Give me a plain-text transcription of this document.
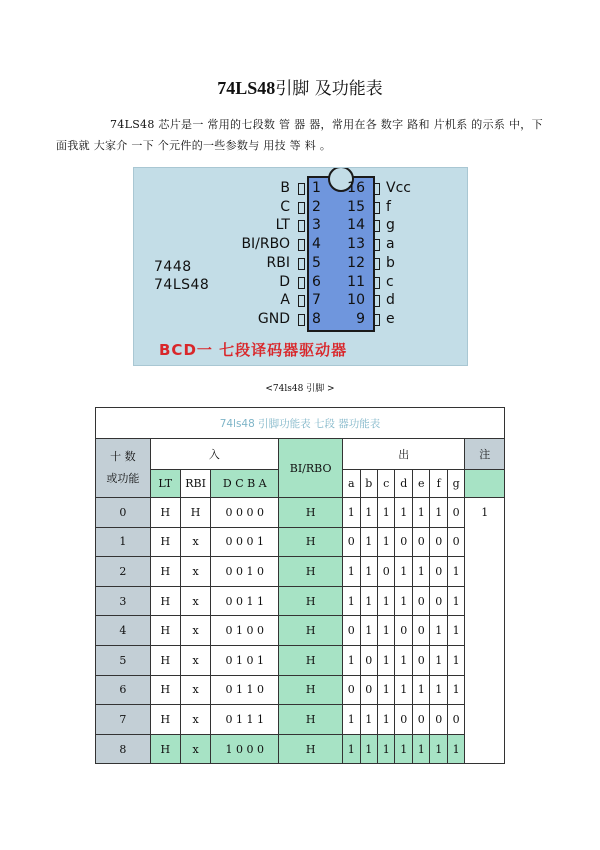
74LS48引脚 及功能表
74LS48 芯片是一 常用的七段数 管 器 器，常用在各 数字 路和 片机系 的示系 中，下面我就 大家介 一下 个元件的一些参数与 用技 等 料 。
B 1
C 2
LT 3
BI/RBO 4
RBI 5
D 6
A 7
GND 8
16 Vcc
15 f
14 g
13 a
12 b
11 c
10 d
9 e
7448
74LS48
BCD一 七段译码器驱动器
<74ls48 引脚 >
74ls48 引脚功能表 七段 器功能表												
十 数
或功能	入			BI/RBO	出							注
	LT	RBI	D C B A		a	b	c	d	e	f	g	
0	H	H	0 0 0 0	H	1	1	1	1	1	1	0	1
1	H	x	0 0 0 1	H	0	1	1	0	0	0	0	
2	H	x	0 0 1 0	H	1	1	0	1	1	0	1	
3	H	x	0 0 1 1	H	1	1	1	1	0	0	1	
4	H	x	0 1 0 0	H	0	1	1	0	0	1	1	
5	H	x	0 1 0 1	H	1	0	1	1	0	1	1	
6	H	x	0 1 1 0	H	0	0	1	1	1	1	1	
7	H	x	0 1 1 1	H	1	1	1	0	0	0	0	
8	H	x	1 0 0 0	H	1	1	1	1	1	1	1	
